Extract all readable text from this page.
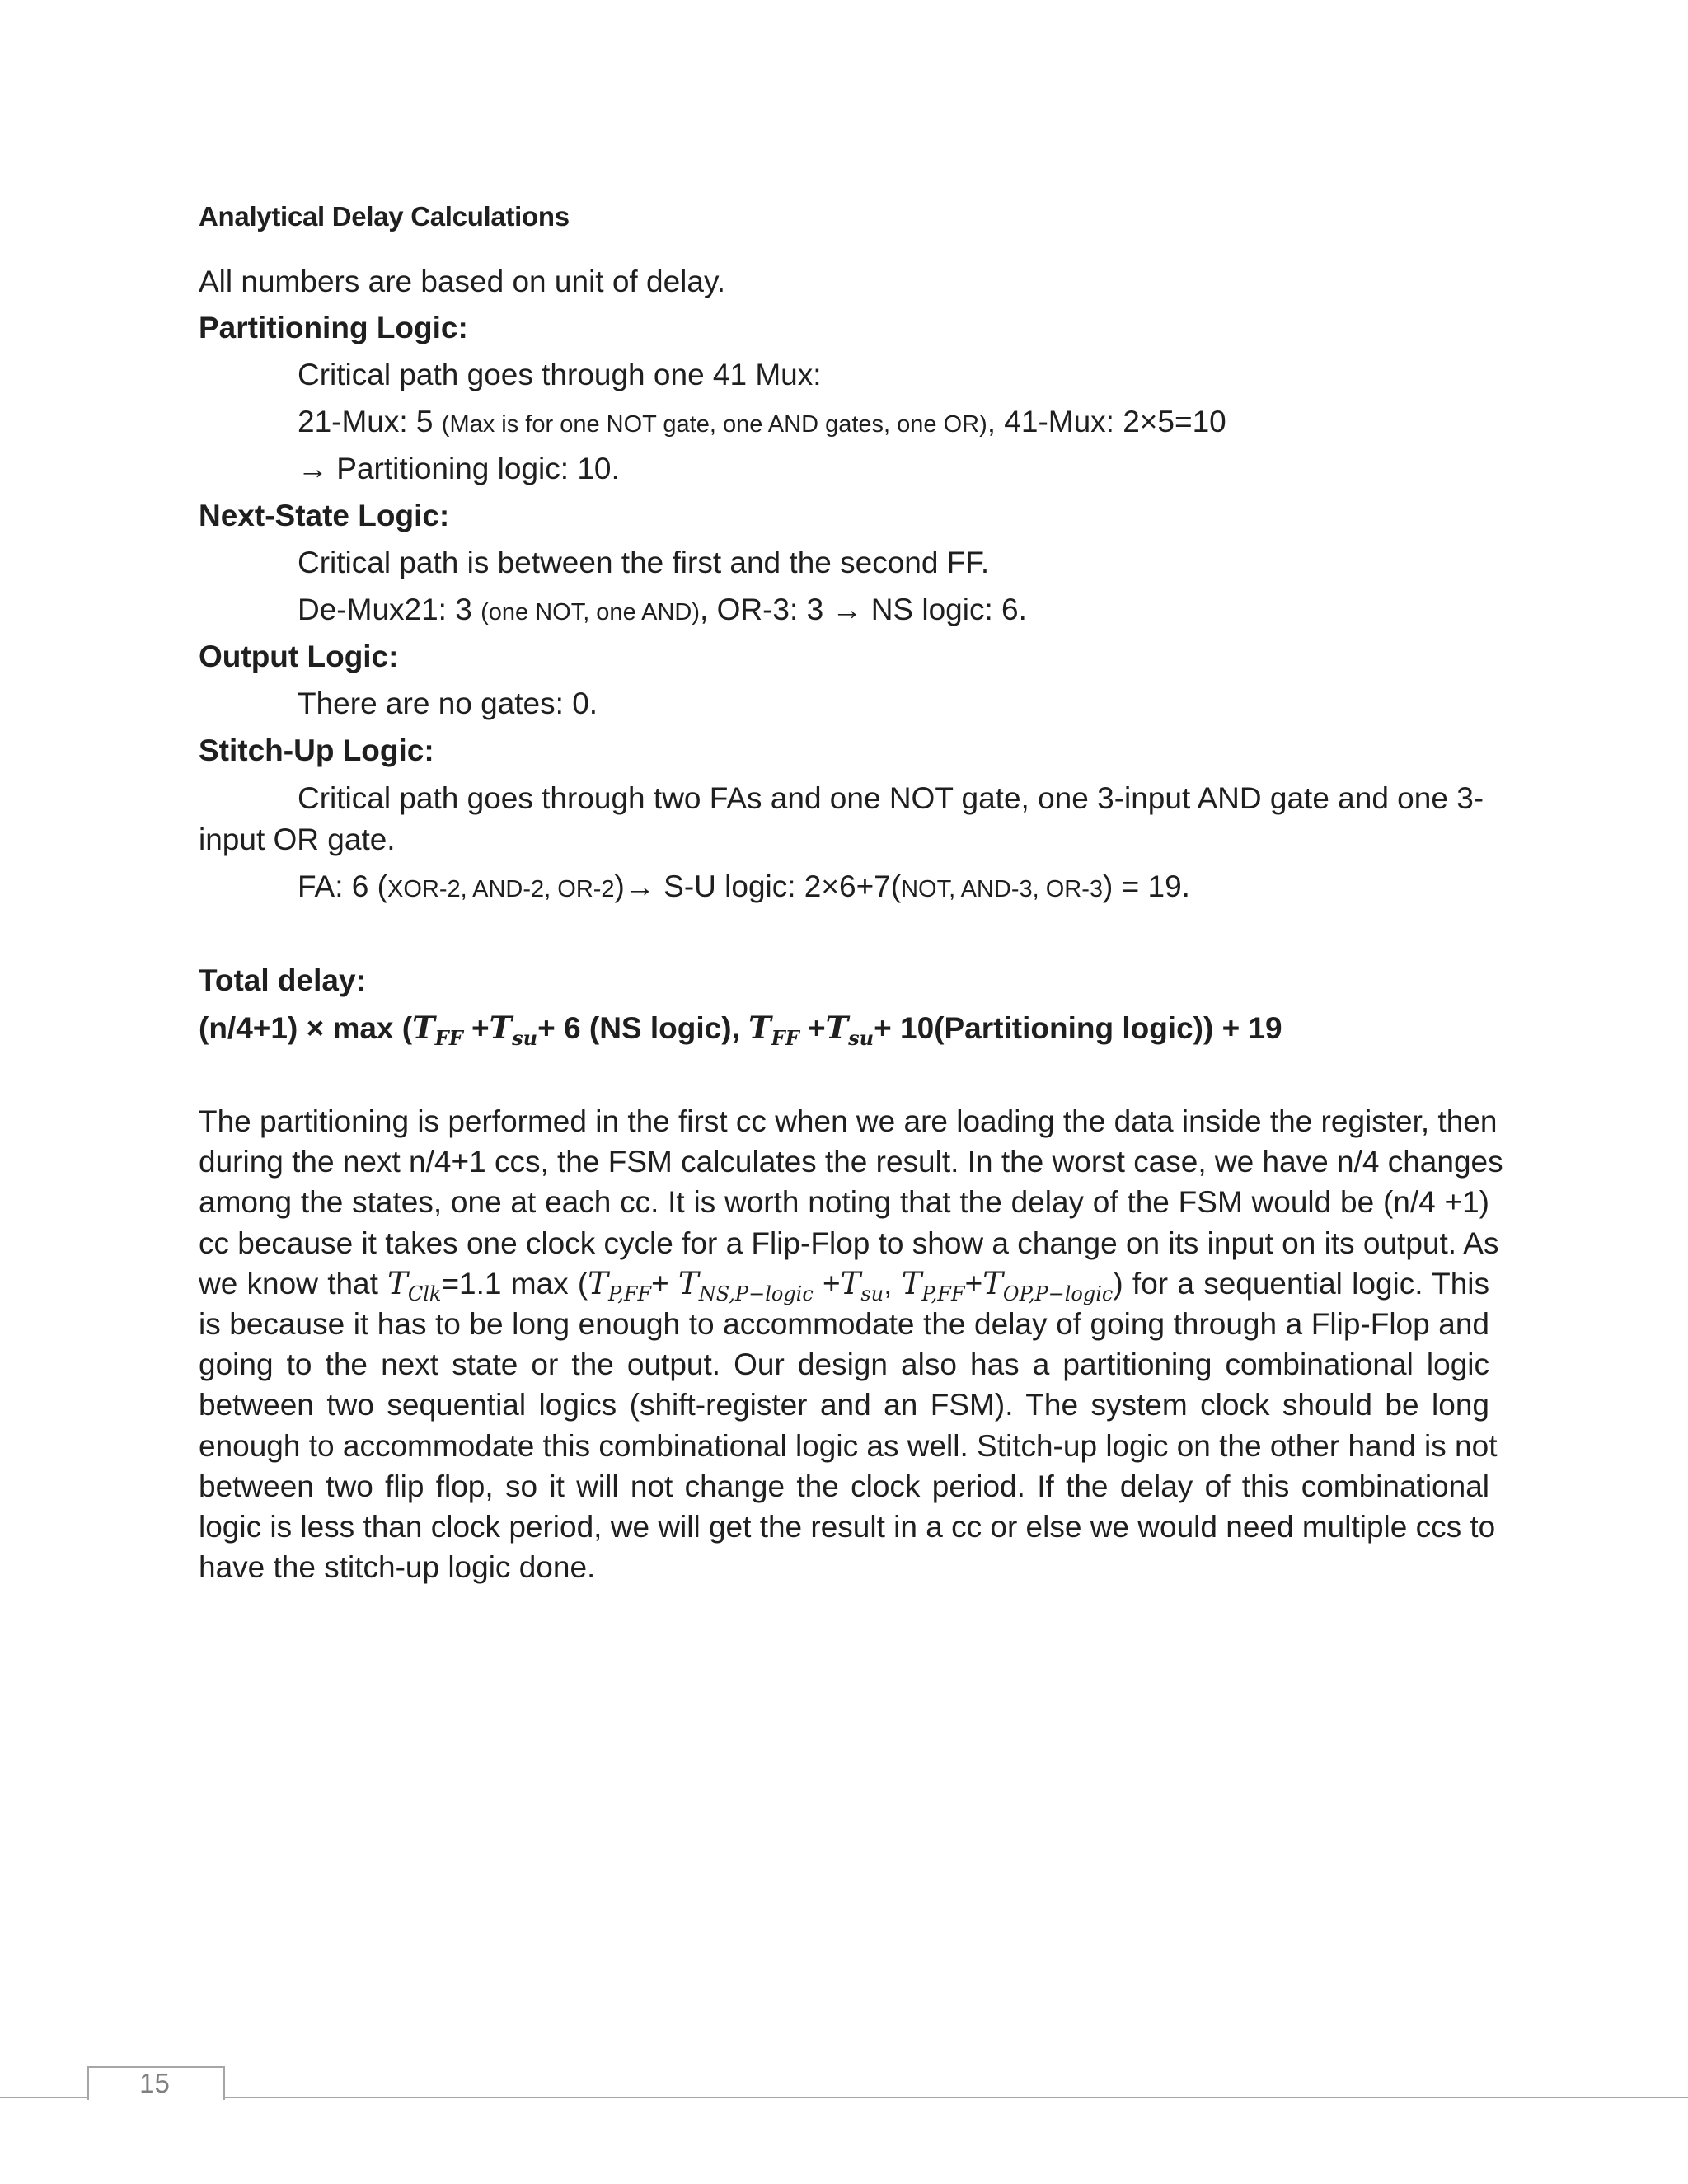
Analytical Delay Calculations
All numbers are based on unit of delay.
Partitioning Logic:
Critical path goes through one 41 Mux:
21-Mux: 5 (Max is for one NOT gate, one AND gates, one OR), 41-Mux: 2×5=10
→ Partitioning logic: 10.
Next-State Logic:
Critical path is between the first and the second FF.
De-Mux21: 3 (one NOT, one AND), OR-3: 3 → NS logic: 6.
Output Logic:
There are no gates: 0.
Stitch-Up Logic:
Critical path goes through two FAs and one NOT gate, one 3-input AND gate and one 3-
input OR gate.
FA: 6 (XOR-2, AND-2, OR-2)→ S-U logic: 2×6+7(NOT, AND-3, OR-3) = 19.
Total delay:
$(n/4+1) \times \max (T_{FF} +T_{su}+ 6$ (NS logic), $T_{FF} +T_{su}+$ 10(Partitioning logic)) + 19
The partitioning is performed in the first cc when we are loading the data inside the register, then
during the next n/4+1 ccs, the FSM calculates the result. In the worst case, we have n/4 changes
among the states, one at each cc. It is worth noting that the delay of the FSM would be (n/4 +1)
cc because it takes one clock cycle for a Flip-Flop to show a change on its input on its output. As
we know that $T_{Clk}=1.1$ $\max (T_{P,FF}+ T_{NS,P-logic} +T_{su}$, $T_{P,FF}+T_{OP,P-logic}$) for a sequential logic. This
is because it has to be long enough to accommodate the delay of going through a Flip-Flop and
going to the next state or the output. Our design also has a partitioning combinational logic
between two sequential logics (shift-register and an FSM). The system clock should be long
enough to accommodate this combinational logic as well. Stitch-up logic on the other hand is not
between two flip flop, so it will not change the clock period. If the delay of this combinational
logic is less than clock period, we will get the result in a cc or else we would need multiple ccs to
have the stitch-up logic done.
15
